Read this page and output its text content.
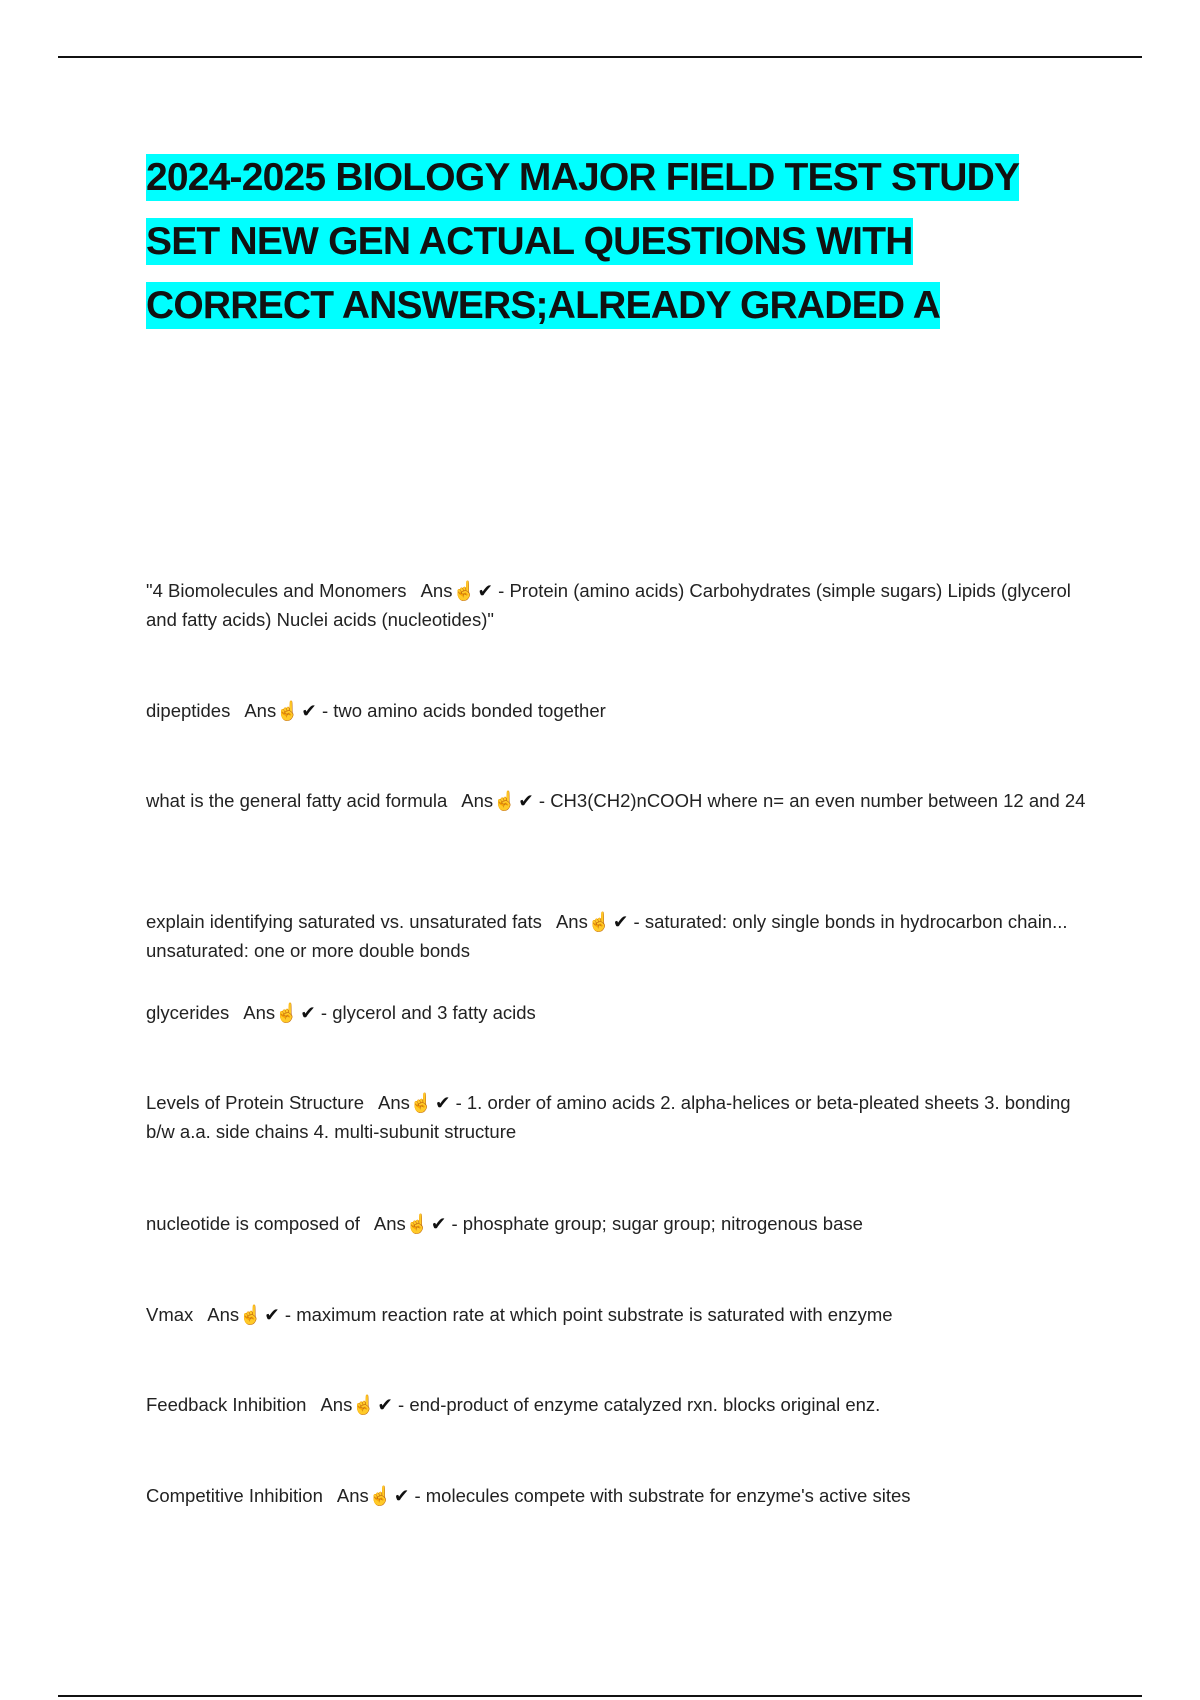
2024-2025 BIOLOGY MAJOR FIELD TEST STUDY
SET NEW GEN ACTUAL QUESTIONS WITH
CORRECT ANSWERS;ALREADY GRADED A
"4 Biomolecules and Monomers Ans☝ ✔ - Protein (amino acids) Carbohydrates (simple sugars) Lipids (glycerol and fatty acids) Nuclei acids (nucleotides)"
dipeptides Ans☝ ✔ - two amino acids bonded together
what is the general fatty acid formula Ans☝ ✔ - CH3(CH2)nCOOH where n= an even number between 12 and 24
explain identifying saturated vs. unsaturated fats Ans☝ ✔ - saturated: only single bonds in hydrocarbon chain... unsaturated: one or more double bonds
glycerides Ans☝ ✔ - glycerol and 3 fatty acids
Levels of Protein Structure Ans☝ ✔ - 1. order of amino acids 2. alpha-helices or beta-pleated sheets 3. bonding b/w a.a. side chains 4. multi-subunit structure
nucleotide is composed of Ans☝ ✔ - phosphate group; sugar group; nitrogenous base
Vmax Ans☝ ✔ - maximum reaction rate at which point substrate is saturated with enzyme
Feedback Inhibition Ans☝ ✔ - end-product of enzyme catalyzed rxn. blocks original enz.
Competitive Inhibition Ans☝ ✔ - molecules compete with substrate for enzyme's active sites
